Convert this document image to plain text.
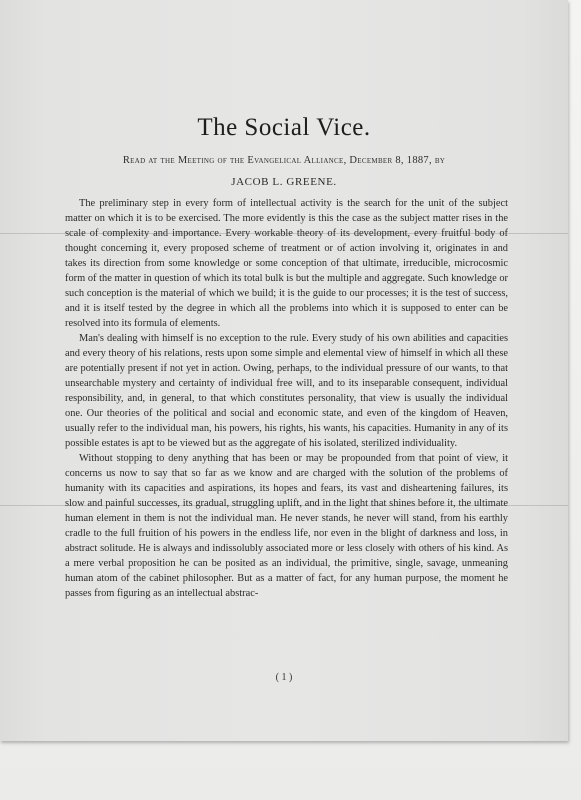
The Social Vice.
Read at the Meeting of the Evangelical Alliance, December 8, 1887, by
JACOB L. GREENE.

The preliminary step in every form of intellectual activity is the search for the unit of the subject matter on which it is to be exercised. The more evidently is this the case as the subject matter rises in the scale of complexity and importance. Every workable theory of its development, every fruitful body of thought concerning it, every proposed scheme of treatment or of action involving it, originates in and takes its direction from some knowledge or some conception of that ultimate, irreducible, microcosmic form of the matter in question of which its total bulk is but the multiple and aggregate. Such knowledge or such conception is the material of which we build; it is the guide to our processes; it is the test of success, and it is itself tested by the degree in which all the problems into which it is supposed to enter can be resolved into its formula of elements.

Man's dealing with himself is no exception to the rule. Every study of his own abilities and capacities and every theory of his relations, rests upon some simple and elemental view of himself in which all these are potentially present if not yet in action. Owing, perhaps, to the individual pressure of our wants, to that unsearchable mystery and certainty of individual free will, and to its inseparable consequent, individual responsibility, and, in general, to that which constitutes personality, that view is usually the individual one. Our theories of the political and social and economic state, and even of the kingdom of Heaven, usually refer to the individual man, his powers, his rights, his wants, his capacities. Humanity in any of its possible estates is apt to be viewed but as the aggregate of his isolated, sterilized individuality.

Without stopping to deny anything that has been or may be propounded from that point of view, it concerns us now to say that so far as we know and are charged with the solution of the problems of humanity with its capacities and aspirations, its hopes and fears, its vast and disheartening failures, its slow and painful successes, its gradual, struggling uplift, and in the light that shines before it, the ultimate human element in them is not the individual man. He never stands, he never will stand, from his earthly cradle to the full fruition of his powers in the endless life, nor even in the blight of darkness and loss, in abstract solitude. He is always and indissolubly associated more or less closely with others of his kind. As a mere verbal proposition he can be posited as an individual, the primitive, single, savage, unmeaning human atom of the cabinet philosopher. But as a matter of fact, for any human purpose, the moment he passes from figuring as an intellectual abstrac-

( 1 )
